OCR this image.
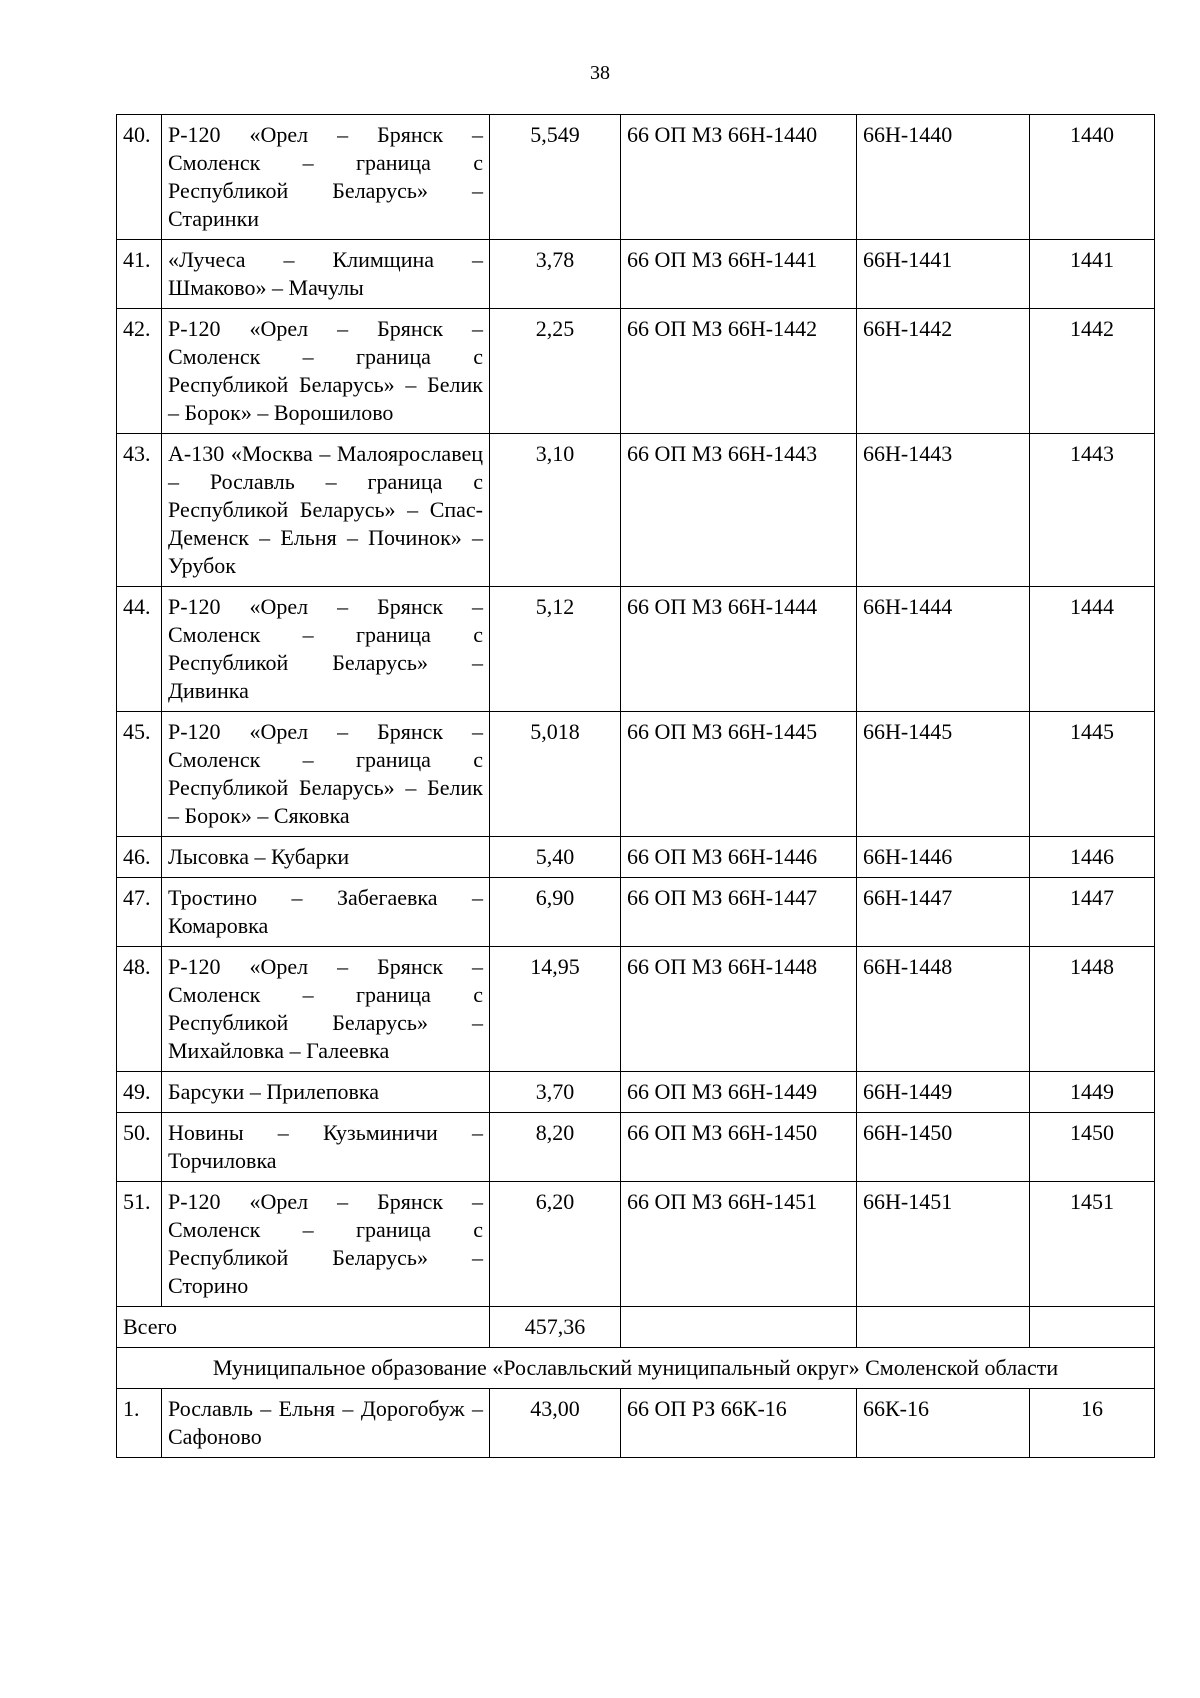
38
40.	Р-120 «Орел – Брянск – Смоленск – граница с Республикой Беларусь» – Старинки	5,549	66 ОП МЗ 66Н-1440	66Н-1440	1440
41.	«Лучеса – Климщина – Шмаково» – Мачулы	3,78	66 ОП МЗ 66Н-1441	66Н-1441	1441
42.	Р-120 «Орел – Брянск – Смоленск – граница с Республикой Беларусь» – Белик – Борок» – Ворошилово	2,25	66 ОП МЗ 66Н-1442	66Н-1442	1442
43.	А-130 «Москва – Малоярославец – Рославль – граница с Республикой Беларусь» – Спас-Деменск – Ельня – Починок» – Урубок	3,10	66 ОП МЗ 66Н-1443	66Н-1443	1443
44.	Р-120 «Орел – Брянск – Смоленск – граница с Республикой Беларусь» – Дивинка	5,12	66 ОП МЗ 66Н-1444	66Н-1444	1444
45.	Р-120 «Орел – Брянск – Смоленск – граница с Республикой Беларусь» – Белик – Борок» – Сяковка	5,018	66 ОП МЗ 66Н-1445	66Н-1445	1445
46.	Лысовка – Кубарки	5,40	66 ОП МЗ 66Н-1446	66Н-1446	1446
47.	Тростино – Забегаевка – Комаровка	6,90	66 ОП МЗ 66Н-1447	66Н-1447	1447
48.	Р-120 «Орел – Брянск – Смоленск – граница с Республикой Беларусь» – Михайловка – Галеевка	14,95	66 ОП МЗ 66Н-1448	66Н-1448	1448
49.	Барсуки – Прилеповка	3,70	66 ОП МЗ 66Н-1449	66Н-1449	1449
50.	Новины – Кузьминичи – Торчиловка	8,20	66 ОП МЗ 66Н-1450	66Н-1450	1450
51.	Р-120 «Орел – Брянск – Смоленск – граница с Республикой Беларусь» – Сторино	6,20	66 ОП МЗ 66Н-1451	66Н-1451	1451
Всего		457,36			
Муниципальное образование «Рославльский муниципальный округ» Смоленской области					
1.	Рославль – Ельня – Дорогобуж – Сафоново	43,00	66 ОП РЗ 66К-16	66К-16	16
